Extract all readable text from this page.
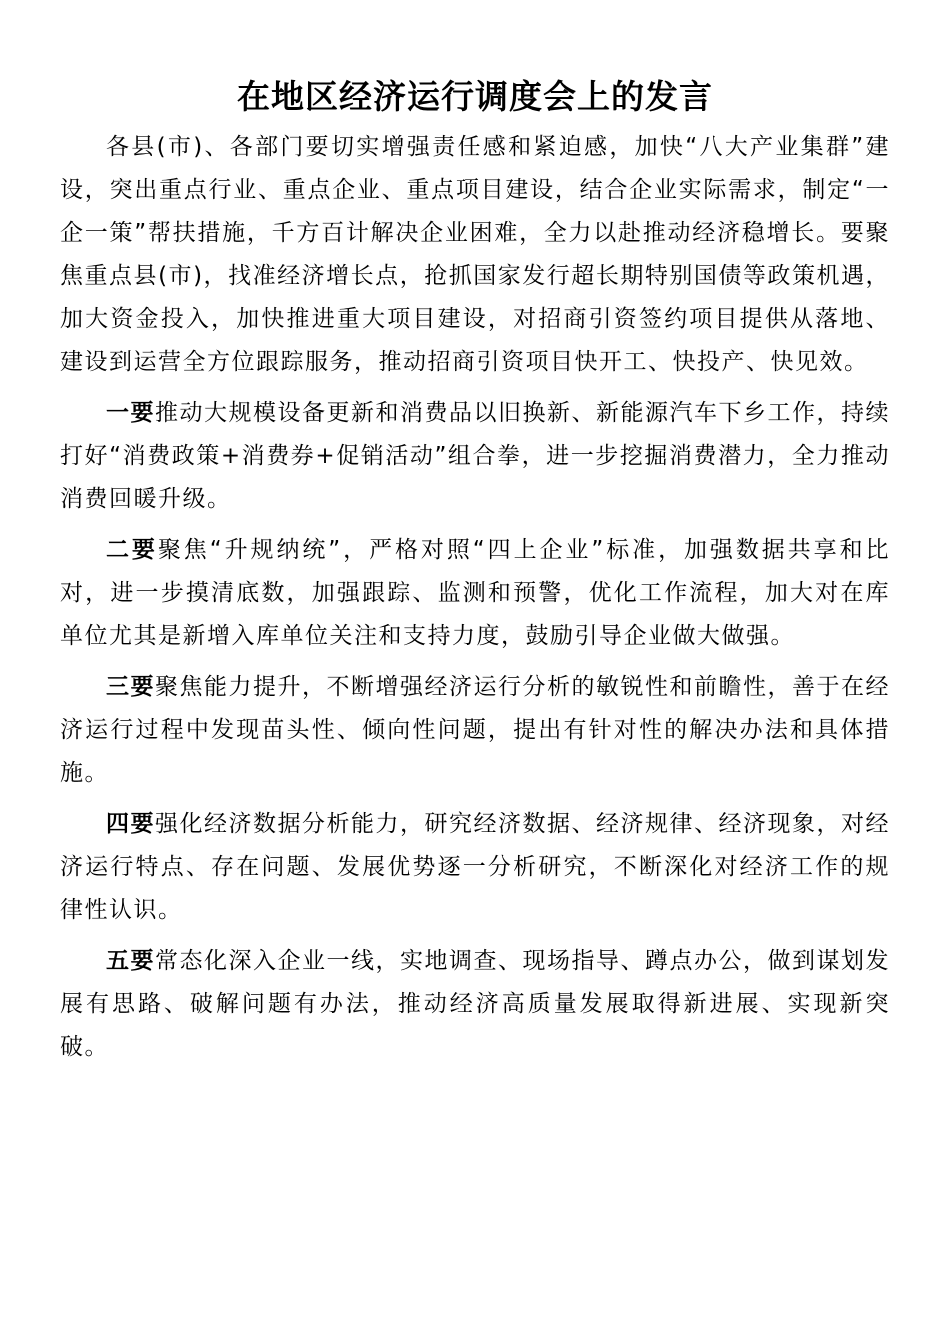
在地区经济运行调度会上的发言

各县(市)、各部门要切实增强责任感和紧迫感，加快“八大产业集群”建设，突出重点行业、重点企业、重点项目建设，结合企业实际需求，制定“一企一策”帮扶措施，千方百计解决企业困难，全力以赴推动经济稳增长。要聚焦重点县(市)，找准经济增长点，抢抓国家发行超长期特别国债等政策机遇，加大资金投入，加快推进重大项目建设，对招商引资签约项目提供从落地、建设到运营全方位跟踪服务，推动招商引资项目快开工、快投产、快见效。

一要推动大规模设备更新和消费品以旧换新、新能源汽车下乡工作，持续打好“消费政策+消费券+促销活动”组合拳，进一步挖掘消费潜力，全力推动消费回暖升级。

二要聚焦“升规纳统”，严格对照“四上企业”标准，加强数据共享和比对，进一步摸清底数，加强跟踪、监测和预警，优化工作流程，加大对在库单位尤其是新增入库单位关注和支持力度，鼓励引导企业做大做强。

三要聚焦能力提升，不断增强经济运行分析的敏锐性和前瞻性，善于在经济运行过程中发现苗头性、倾向性问题，提出有针对性的解决办法和具体措施。

四要强化经济数据分析能力，研究经济数据、经济规律、经济现象，对经济运行特点、存在问题、发展优势逐一分析研究，不断深化对经济工作的规律性认识。

五要常态化深入企业一线，实地调查、现场指导、蹲点办公，做到谋划发展有思路、破解问题有办法，推动经济高质量发展取得新进展、实现新突破。
